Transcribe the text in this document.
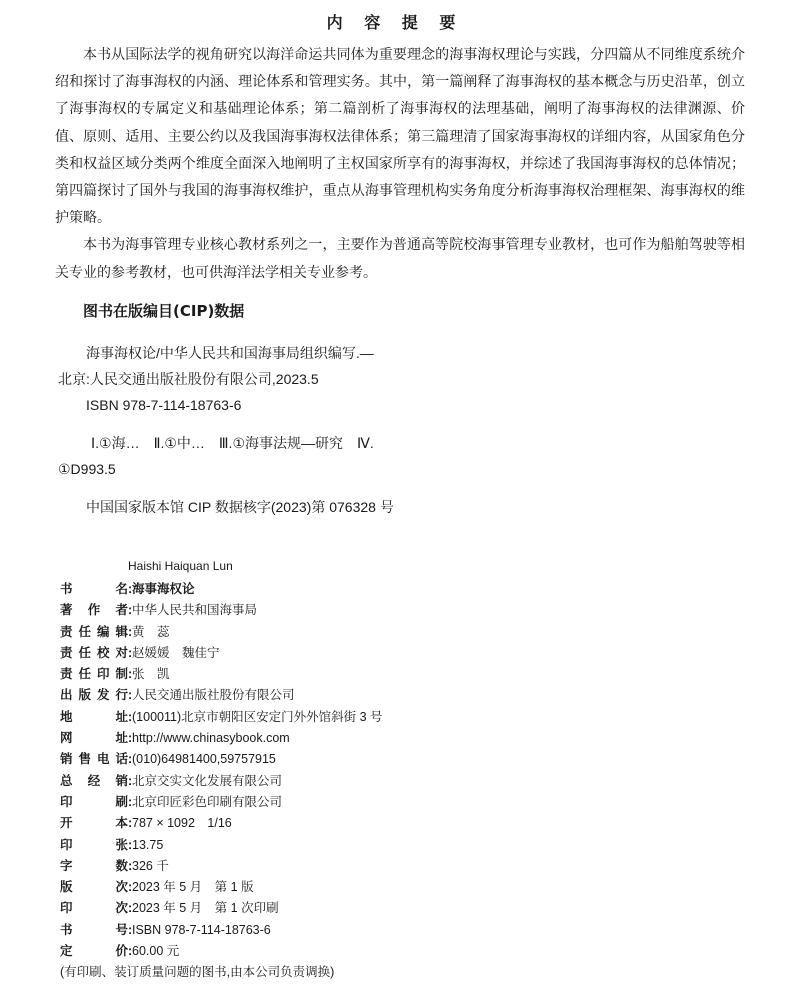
内 容 提 要

本书从国际法学的视角研究以海洋命运共同体为重要理念的海事海权理论与实践，分四篇从不同维度系统介绍和探讨了海事海权的内涵、理论体系和管理实务。其中，第一篇阐释了海事海权的基本概念与历史沿革，创立了海事海权的专属定义和基础理论体系；第二篇剖析了海事海权的法理基础，阐明了海事海权的法律渊源、价值、原则、适用、主要公约以及我国海事海权法律体系；第三篇理清了国家海事海权的详细内容，从国家角色分类和权益区域分类两个维度全面深入地阐明了主权国家所享有的海事海权，并综述了我国海事海权的总体情况；第四篇探讨了国外与我国的海事海权维护，重点从海事管理机构实务角度分析海事海权治理框架、海事海权的维护策略。

本书为海事管理专业核心教材系列之一，主要作为普通高等院校海事管理专业教材，也可作为船舶驾驶等相关专业的参考教材，也可供海洋法学相关专业参考。

图书在版编目(CIP)数据
海事海权论/中华人民共和国海事局组织编写.—
北京:人民交通出版社股份有限公司,2023.5
ISBN 978-7-114-18763-6
Ⅰ.①海…　Ⅱ.①中…　Ⅲ.①海事法规—研究　Ⅳ.
①D993.5
中国国家版本馆 CIP 数据核字(2023)第 076328 号
Haishi Haiquan Lun
书　　名 : 海事海权论
著 作 者 : 中华人民共和国海事局
责任编辑 : 黄　蕊
责任校对 : 赵媛媛　魏佳宁
责任印制 : 张　凯
出版发行 : 人民交通出版社股份有限公司
地　　址 : (100011)北京市朝阳区安定门外外馆斜街 3 号
网　　址 : http://www.chinasybook.com
销售电话 : (010)64981400,59757915
总 经 销 : 北京交实文化发展有限公司
印　　刷 : 北京印匠彩色印刷有限公司
开　　本 : 787 × 1092　1/16
印　　张 : 13.75
字　　数 : 326 千
版　　次 : 2023 年 5 月　第 1 版
印　　次 : 2023 年 5 月　第 1 次印刷
书　　号 : ISBN 978-7-114-18763-6
定　　价 : 60.00 元
(有印刷、装订质量问题的图书,由本公司负责调换)
